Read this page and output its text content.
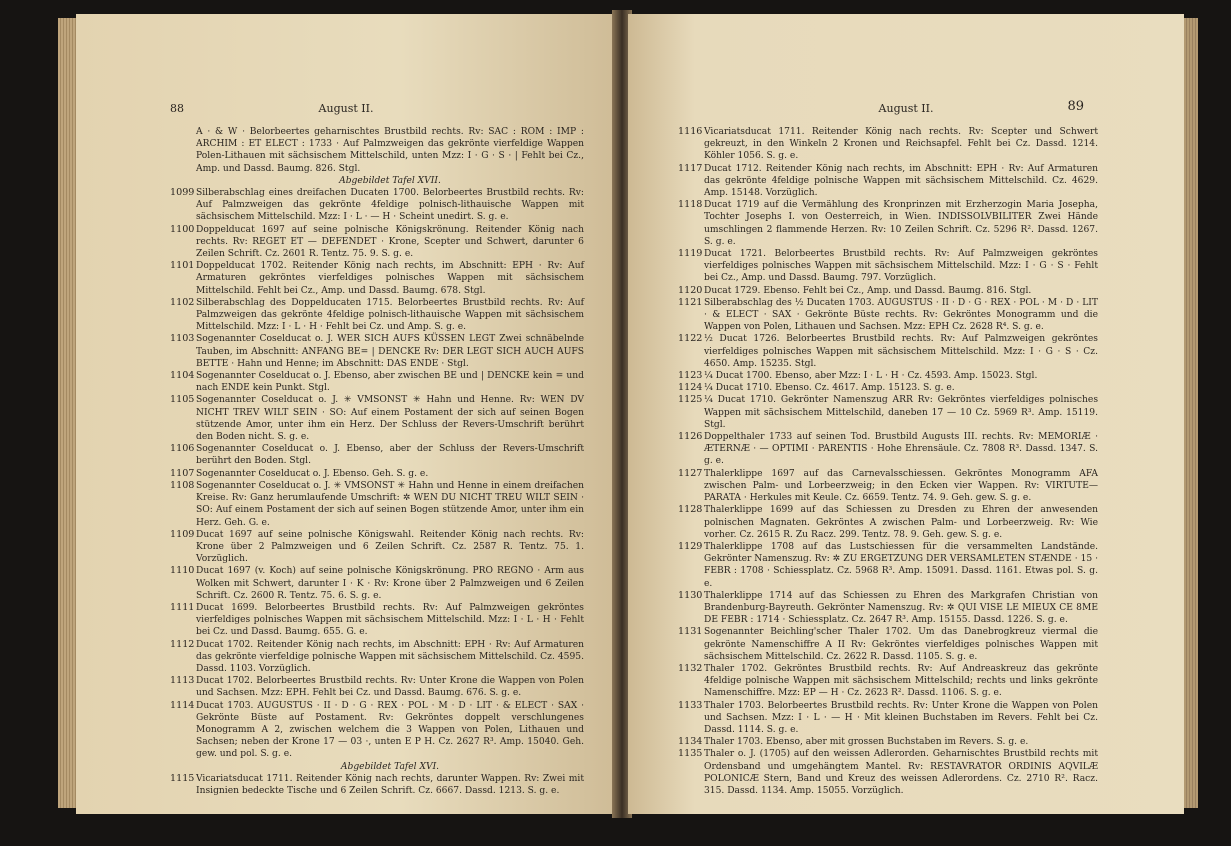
88	August II.

A · & W · Belorbeertes geharnischtes Brustbild rechts. Rv: SAC : ROM : IMP : ARCHIM : ET ELECT : 1733 · Auf Palmzweigen das gekrönte vierfeldige Wappen Polen-Lithauen mit sächsischem Mittelschild, unten Mzz: I · G · S · | Fehlt bei Cz., Amp. und Dassd. Baumg. 826. Stgl.

Abgebildet Tafel XVII.

1099 Silberabschlag eines dreifachen Ducaten 1700. Belorbeertes Brustbild rechts. Rv: Auf Palmzweigen das gekrönte 4feldige polnisch-lithauische Wappen mit sächsischem Mittelschild. Mzz: I · L · — H · Scheint unedirt. S. g. e.

1100 Doppelducat 1697 auf seine polnische Königskrönung. Reitender König nach rechts. Rv: REGET ET — DEFENDET · Krone, Scepter und Schwert, darunter 6 Zeilen Schrift. Cz. 2601 R. Tentz. 75. 9. S. g. e.

1101 Doppelducat 1702. Reitender König nach rechts, im Abschnitt: EPH · Rv: Auf Armaturen gekröntes vierfeldiges polnisches Wappen mit sächsischem Mittelschild. Fehlt bei Cz., Amp. und Dassd. Baumg. 678. Stgl.

1102 Silberabschlag des Doppelducaten 1715. Belorbeertes Brustbild rechts. Rv: Auf Palmzweigen das gekrönte 4feldige polnisch-lithauische Wappen mit sächsischem Mittelschild. Mzz: I · L · H · Fehlt bei Cz. und Amp. S. g. e.

1103 Sogenannter Coselducat o. J. WER SICH AUFS KÜSSEN LEGT Zwei schnäbelnde Tauben, im Abschnitt: ANFANG BE= | DENCKE Rv: DER LEGT SICH AUCH AUFS BETTE · Hahn und Henne; im Abschnitt: DAS ENDE · Stgl.

1104 Sogenannter Coselducat o. J. Ebenso, aber zwischen BE und | DENCKE kein = und nach ENDE kein Punkt. Stgl.

1105 Sogenannter Coselducat o. J. ✳ VMSONST ✳ Hahn und Henne. Rv: WEN DV NICHT TREV WILT SEIN · SO: Auf einem Postament der sich auf seinen Bogen stützende Amor, unter ihm ein Herz. Der Schluss der Revers-Umschrift berührt den Boden nicht. S. g. e.

1106 Sogenannter Coselducat o. J. Ebenso, aber der Schluss der Revers-Umschrift berührt den Boden. Stgl.

1107 Sogenannter Coselducat o. J. Ebenso. Geh. S. g. e.

1108 Sogenannter Coselducat o. J. ✳ VMSONST ✳ Hahn und Henne in einem dreifachen Kreise. Rv: Ganz herumlaufende Umschrift: ✲ WEN DU NICHT TREU WILT SEIN · SO: Auf einem Postament der sich auf seinen Bogen stützende Amor, unter ihm ein Herz. Geh. G. e.

1109 Ducat 1697 auf seine polnische Königswahl. Reitender König nach rechts. Rv: Krone über 2 Palmzweigen und 6 Zeilen Schrift. Cz. 2587 R. Tentz. 75. 1. Vorzüglich.

1110 Ducat 1697 (v. Koch) auf seine polnische Königskrönung. PRO REGNO · Arm aus Wolken mit Schwert, darunter I · K · Rv: Krone über 2 Palmzweigen und 6 Zeilen Schrift. Cz. 2600 R. Tentz. 75. 6. S. g. e.

1111 Ducat 1699. Belorbeertes Brustbild rechts. Rv: Auf Palmzweigen gekröntes vierfeldiges polnisches Wappen mit sächsischem Mittelschild. Mzz: I · L · H · Fehlt bei Cz. und Dassd. Baumg. 655. G. e.

1112 Ducat 1702. Reitender König nach rechts, im Abschnitt: EPH · Rv: Auf Armaturen das gekrönte vierfeldige polnische Wappen mit sächsischem Mittelschild. Cz. 4595. Dassd. 1103. Vorzüglich.

1113 Ducat 1702. Belorbeertes Brustbild rechts. Rv: Unter Krone die Wappen von Polen und Sachsen. Mzz: EPH. Fehlt bei Cz. und Dassd. Baumg. 676. S. g. e.

1114 Ducat 1703. AUGUSTUS · II · D · G · REX · POL · M · D · LIT · & ELECT · SAX · Gekrönte Büste auf Postament. Rv: Gekröntes doppelt verschlungenes Monogramm A 2, zwischen welchem die 3 Wappen von Polen, Lithauen und Sachsen; neben der Krone 17 — 03 ·, unten E P H. Cz. 2627 R³. Amp. 15040. Geh. gew. und pol. S. g. e.

Abgebildet Tafel XVI.

1115 Vicariatsducat 1711. Reitender König nach rechts, darunter Wappen. Rv: Zwei mit Insignien bedeckte Tische und 6 Zeilen Schrift. Cz. 6667. Dassd. 1213. S. g. e.

August II.	89

1116 Vicariatsducat 1711. Reitender König nach rechts. Rv: Scepter und Schwert gekreuzt, in den Winkeln 2 Kronen und Reichsapfel. Fehlt bei Cz. Dassd. 1214. Köhler 1056. S. g. e.

1117 Ducat 1712. Reitender König nach rechts, im Abschnitt: EPH · Rv: Auf Armaturen das gekrönte 4feldige polnische Wappen mit sächsischem Mittelschild. Cz. 4629. Amp. 15148. Vorzüglich.

1118 Ducat 1719 auf die Vermählung des Kronprinzen mit Erzherzogin Maria Josepha, Tochter Josephs I. von Oesterreich, in Wien. INDISSOLVBILITER Zwei Hände umschlingen 2 flammende Herzen. Rv: 10 Zeilen Schrift. Cz. 5296 R². Dassd. 1267. S. g. e.

1119 Ducat 1721. Belorbeertes Brustbild rechts. Rv: Auf Palmzweigen gekröntes vierfeldiges polnisches Wappen mit sächsischem Mittelschild. Mzz: I · G · S · Fehlt bei Cz., Amp. und Dassd. Baumg. 797. Vorzüglich.

1120 Ducat 1729. Ebenso. Fehlt bei Cz., Amp. und Dassd. Baumg. 816. Stgl.

1121 Silberabschlag des ½ Ducaten 1703. AUGUSTUS · II · D · G · REX · POL · M · D · LIT · & ELECT · SAX · Gekrönte Büste rechts. Rv: Gekröntes Monogramm und die Wappen von Polen, Lithauen und Sachsen. Mzz: EPH Cz. 2628 R⁴. S. g. e.

1122 ½ Ducat 1726. Belorbeertes Brustbild rechts. Rv: Auf Palmzweigen gekröntes vierfeldiges polnisches Wappen mit sächsischem Mittelschild. Mzz: I · G · S · Cz. 4650. Amp. 15235. Stgl.

1123 ¼ Ducat 1700. Ebenso, aber Mzz: I · L · H · Cz. 4593. Amp. 15023. Stgl.

1124 ¼ Ducat 1710. Ebenso. Cz. 4617. Amp. 15123. S. g. e.

1125 ¼ Ducat 1710. Gekrönter Namenszug ARR Rv: Gekröntes vierfeldiges polnisches Wappen mit sächsischem Mittelschild, daneben 17 — 10 Cz. 5969 R³. Amp. 15119. Stgl.

1126 Doppelthaler 1733 auf seinen Tod. Brustbild Augusts III. rechts. Rv: MEMORIÆ · ÆTERNÆ · — OPTIMI · PARENTIS · Hohe Ehrensäule. Cz. 7808 R³. Dassd. 1347. S. g. e.

1127 Thalerklippe 1697 auf das Carnevalsschiessen. Gekröntes Monogramm AFA zwischen Palm- und Lorbeerzweig; in den Ecken vier Wappen. Rv: VIRTUTE—PARATA · Herkules mit Keule. Cz. 6659. Tentz. 74. 9. Geh. gew. S. g. e.

1128 Thalerklippe 1699 auf das Schiessen zu Dresden zu Ehren der anwesenden polnischen Magnaten. Gekröntes A zwischen Palm- und Lorbeerzweig. Rv: Wie vorher. Cz. 2615 R. Zu Racz. 299. Tentz. 78. 9. Geh. gew. S. g. e.

1129 Thalerklippe 1708 auf das Lustschiessen für die versammelten Landstände. Gekrönter Namenszug. Rv: ✲ ZU ERGETZUNG DER VERSAMLETEN STÆNDE · 15 · FEBR : 1708 · Schiessplatz. Cz. 5968 R³. Amp. 15091. Dassd. 1161. Etwas pol. S. g. e.

1130 Thalerklippe 1714 auf das Schiessen zu Ehren des Markgrafen Christian von Brandenburg-Bayreuth. Gekrönter Namenszug. Rv: ✲ QUI VISE LE MIEUX CE 8ME DE FEBR : 1714 · Schiessplatz. Cz. 2647 R³. Amp. 15155. Dassd. 1226. S. g. e.

1131 Sogenannter Beichling'scher Thaler 1702. Um das Danebrogkreuz viermal die gekrönte Namenschiffre A II Rv: Gekröntes vierfeldiges polnisches Wappen mit sächsischem Mittelschild. Cz. 2622 R. Dassd. 1105. S. g. e.

1132 Thaler 1702. Gekröntes Brustbild rechts. Rv: Auf Andreaskreuz das gekrönte 4feldige polnische Wappen mit sächsischem Mittelschild; rechts und links gekrönte Namenschiffre. Mzz: EP — H · Cz. 2623 R². Dassd. 1106. S. g. e.

1133 Thaler 1703. Belorbeertes Brustbild rechts. Rv: Unter Krone die Wappen von Polen und Sachsen. Mzz: I · L · — H · Mit kleinen Buchstaben im Revers. Fehlt bei Cz. Dassd. 1114. S. g. e.

1134 Thaler 1703. Ebenso, aber mit grossen Buchstaben im Revers. S. g. e.

1135 Thaler o. J. (1705) auf den weissen Adlerorden. Geharnischtes Brustbild rechts mit Ordensband und umgehängtem Mantel. Rv: RESTAVRATOR ORDINIS AQVILÆ POLONICÆ Stern, Band und Kreuz des weissen Adlerordens. Cz. 2710 R². Racz. 315. Dassd. 1134. Amp. 15055. Vorzüglich.
